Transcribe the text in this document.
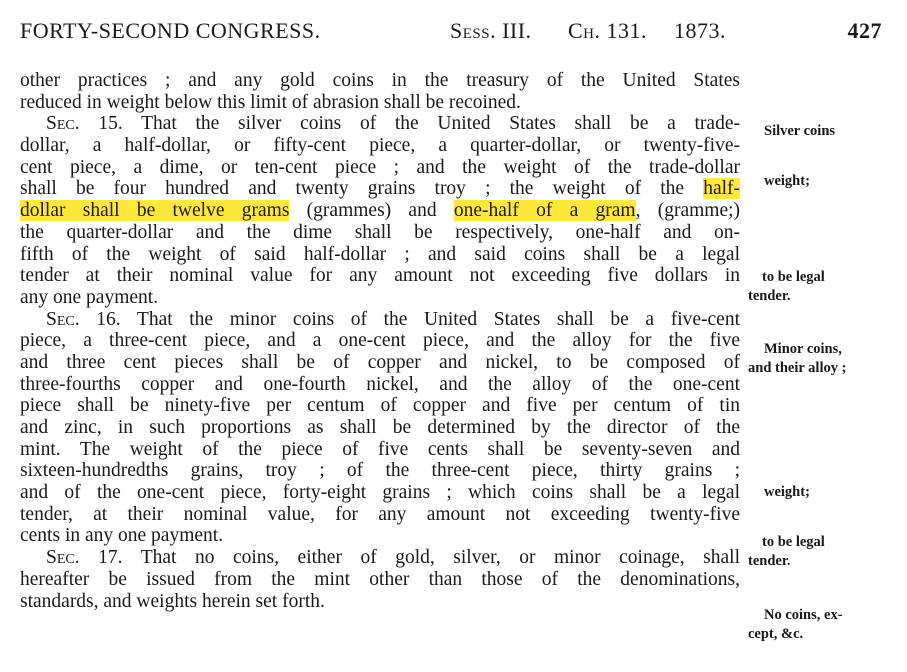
FORTY-SECOND CONGRESS.	Sess. III. Ch. 131. 1873.	427
other practices ; and any gold coins in the treasury of the United States
reduced in weight below this limit of abrasion shall be recoined.
Sec. 15. That the silver coins of the United States shall be a trade-
dollar, a half-dollar, or fifty-cent piece, a quarter-dollar, or twenty-five-
cent piece, a dime, or ten-cent piece ; and the weight of the trade-dollar
shall be four hundred and twenty grains troy ; the weight of the half-
dollar shall be twelve grams (grammes) and one-half of a gram, (gramme;)
the quarter-dollar and the dime shall be respectively, one-half and on-
fifth of the weight of said half-dollar ; and said coins shall be a legal
tender at their nominal value for any amount not exceeding five dollars in
any one payment.
Sec. 16. That the minor coins of the United States shall be a five-cent
piece, a three-cent piece, and a one-cent piece, and the alloy for the five
and three cent pieces shall be of copper and nickel, to be composed of
three-fourths copper and one-fourth nickel, and the alloy of the one-cent
piece shall be ninety-five per centum of copper and five per centum of tin
and zinc, in such proportions as shall be determined by the director of the
mint. The weight of the piece of five cents shall be seventy-seven and
sixteen-hundredths grains, troy ; of the three-cent piece, thirty grains ;
and of the one-cent piece, forty-eight grains ; which coins shall be a legal
tender, at their nominal value, for any amount not exceeding twenty-five
cents in any one payment.
Sec. 17. That no coins, either of gold, silver, or minor coinage, shall
hereafter be issued from the mint other than those of the denominations,
standards, and weights herein set forth.
Silver coins
weight;
to be legal
tender.
Minor coins,
and their alloy ;
weight;
to be legal
tender.
No coins, ex-
cept, &c.
